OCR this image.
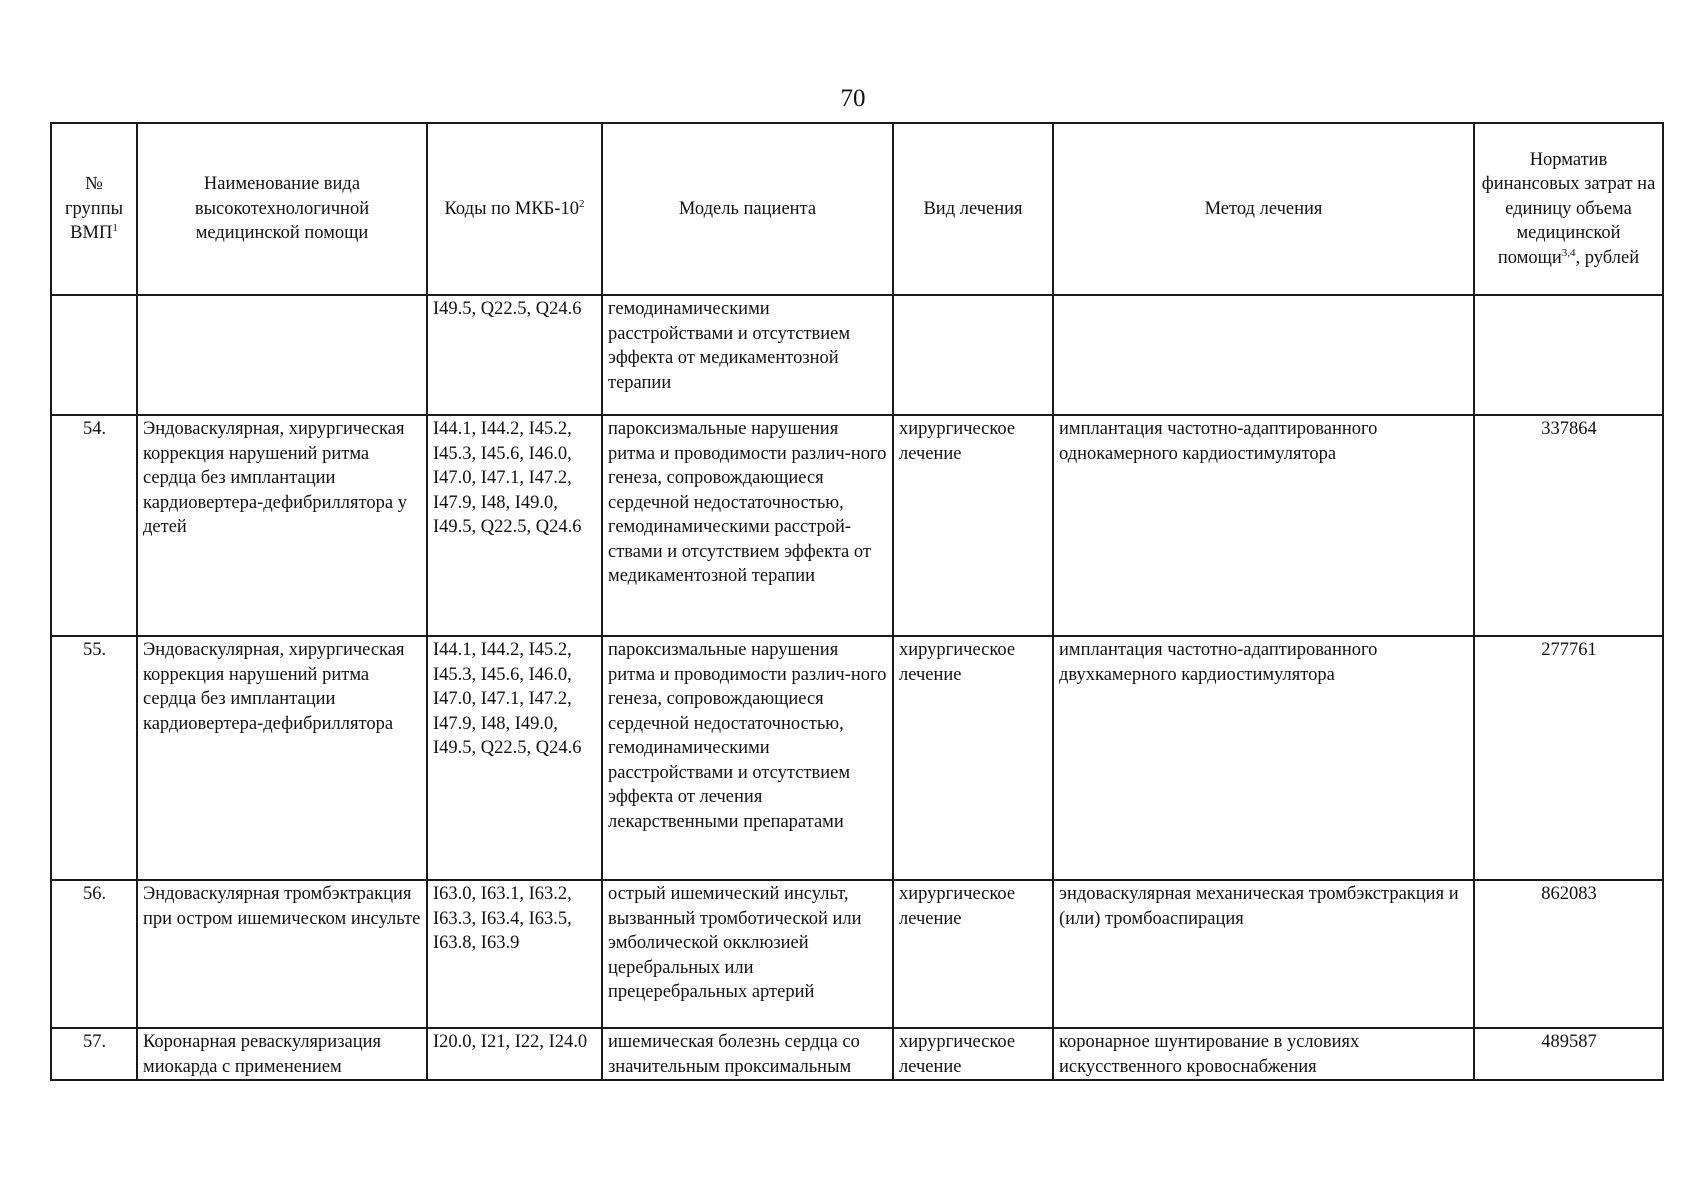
70
№ группы ВМП$^1$	Наименование вида высокотехнологичной медицинской помощи	Коды по МКБ-$10^2$	Модель пациента	Вид лечения	Метод лечения	Норматив финансовых затрат на единицу объема медицинской помощи$^{3,4}$, рублей
		I49.5, Q22.5, Q24.6	гемодинамическими расстройствами и отсутствием эффекта от медикаментозной терапии			
54.	Эндоваскулярная, хирургическая коррекция нарушений ритма сердца без имплантации кардиовертера-дефибриллятора у детей	I44.1, I44.2, I45.2, I45.3, I45.6, I46.0, I47.0, I47.1, I47.2, I47.9, I48, I49.0, I49.5, Q22.5, Q24.6	пароксизмальные нарушения ритма и проводимости различ-ного генеза, сопровождающиеся сердечной недостаточностью, гемодинамическими расстрой-ствами и отсутствием эффекта от медикаментозной терапии	хирургическое лечение	имплантация частотно-адаптированного однокамерного кардиостимулятора	337864
55.	Эндоваскулярная, хирургическая коррекция нарушений ритма сердца без имплантации кардиовертера-дефибриллятора	I44.1, I44.2, I45.2, I45.3, I45.6, I46.0, I47.0, I47.1, I47.2, I47.9, I48, I49.0, I49.5, Q22.5, Q24.6	пароксизмальные нарушения ритма и проводимости различ-ного генеза, сопровождающиеся сердечной недостаточностью, гемодинамическими расстройствами и отсутствием эффекта от лечения лекарственными препаратами	хирургическое лечение	имплантация частотно-адаптированного двухкамерного кардиостимулятора	277761
56.	Эндоваскулярная тромбэктракция при остром ишемическом инсульте	I63.0, I63.1, I63.2, I63.3, I63.4, I63.5, I63.8, I63.9	острый ишемический инсульт, вызванный тромботической или эмболической окклюзией церебральных или прецеребральных артерий	хирургическое лечение	эндоваскулярная механическая тромбэкстракция и (или) тромбоаспирация	862083
57.	Коронарная реваскуляризация миокарда с применением	I20.0, I21, I22, I24.0	ишемическая болезнь сердца со значительным проксимальным	хирургическое лечение	коронарное шунтирование в условиях искусственного кровоснабжения	489587
